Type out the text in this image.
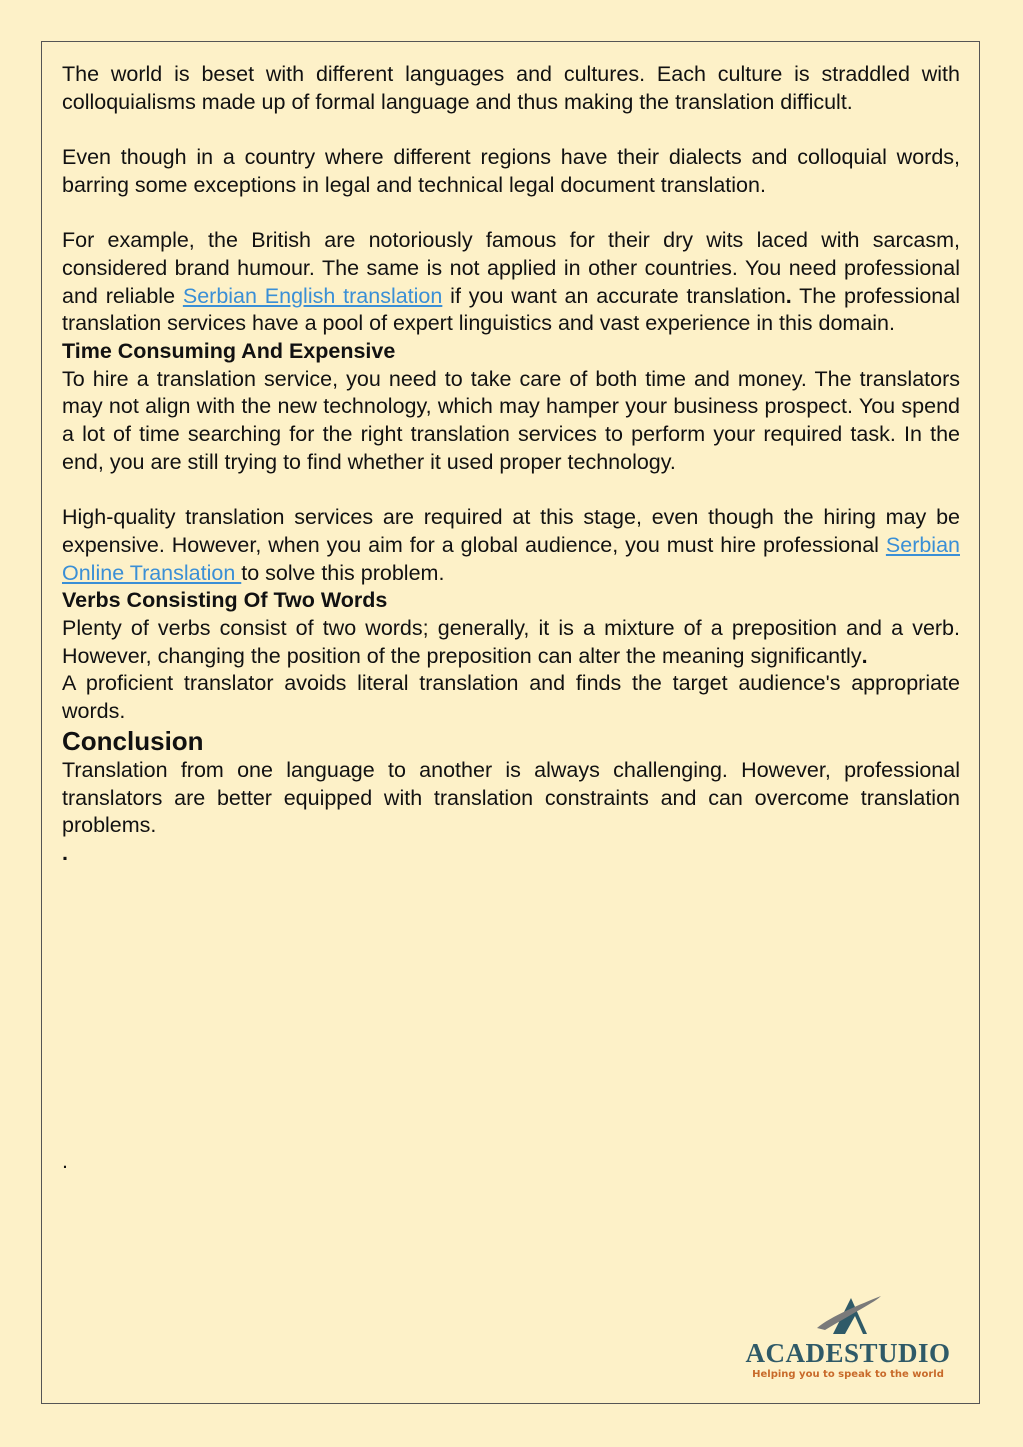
The world is beset with different languages and cultures. Each culture is straddled with colloquialisms made up of formal language and thus making the translation difficult.

Even though in a country where different regions have their dialects and colloquial words, barring some exceptions in legal and technical legal document translation.

For example, the British are notoriously famous for their dry wits laced with sarcasm, considered brand humour. The same is not applied in other countries. You need professional and reliable Serbian English translation if you want an accurate translation. The professional translation services have a pool of expert linguistics and vast experience in this domain.

Time Consuming And Expensive

To hire a translation service, you need to take care of both time and money. The translators may not align with the new technology, which may hamper your business prospect. You spend a lot of time searching for the right translation services to perform your required task. In the end, you are still trying to find whether it used proper technology.

High-quality translation services are required at this stage, even though the hiring may be expensive. However, when you aim for a global audience, you must hire professional Serbian Online Translation to solve this problem.

Verbs Consisting Of Two Words

Plenty of verbs consist of two words; generally, it is a mixture of a preposition and a verb. However, changing the position of the preposition can alter the meaning significantly.

A proficient translator avoids literal translation and finds the target audience's appropriate words.

Conclusion

Translation from one language to another is always challenging. However, professional translators are better equipped with translation constraints and can overcome translation problems.

.

.
ACADESTUDIO
Helping you to speak to the world
